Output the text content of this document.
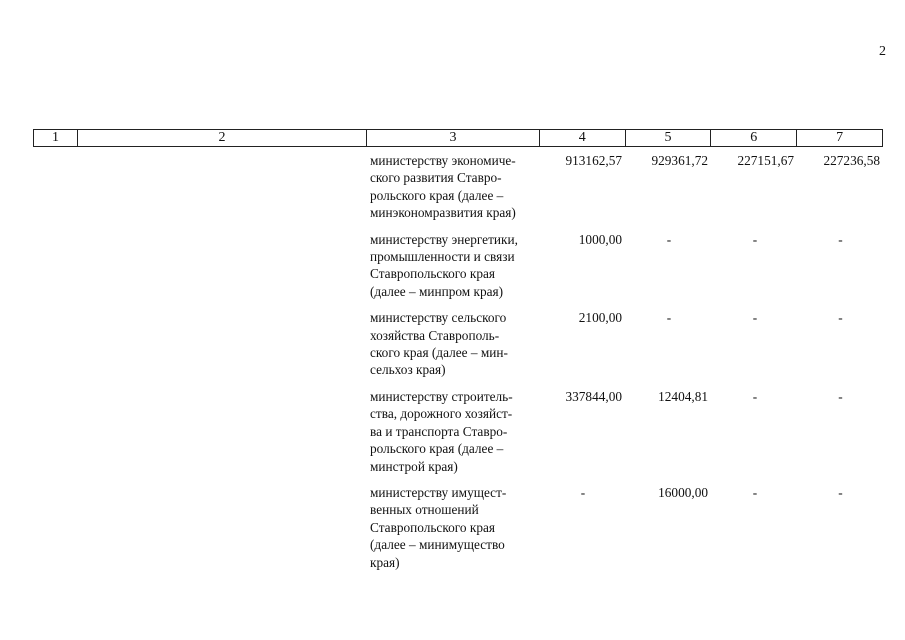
2
1	2	3	4	5	6	7
министерству экономиче-
ского развития Ставро-
pольского края (далее –
минэкономразвития края)
913162,57	929361,72	227151,67	227236,58
министерству энергетики,
промышленности и связи
Ставропольского края
(далее – минпром края)
1000,00	-	-	-
министерству сельского
хозяйства Ставрополь-
ского края (далее – мин-
сельхоз края)
2100,00	-	-	-
министерству строитель-
ства, дорожного хозяйст-
ва и транспорта Ставро-
pольского края (далее –
минстрой края)
337844,00	12404,81	-	-
министерству имущест-
венных отношений
Ставропольского края
(далее – минимущество
края)
-	16000,00	-	-
